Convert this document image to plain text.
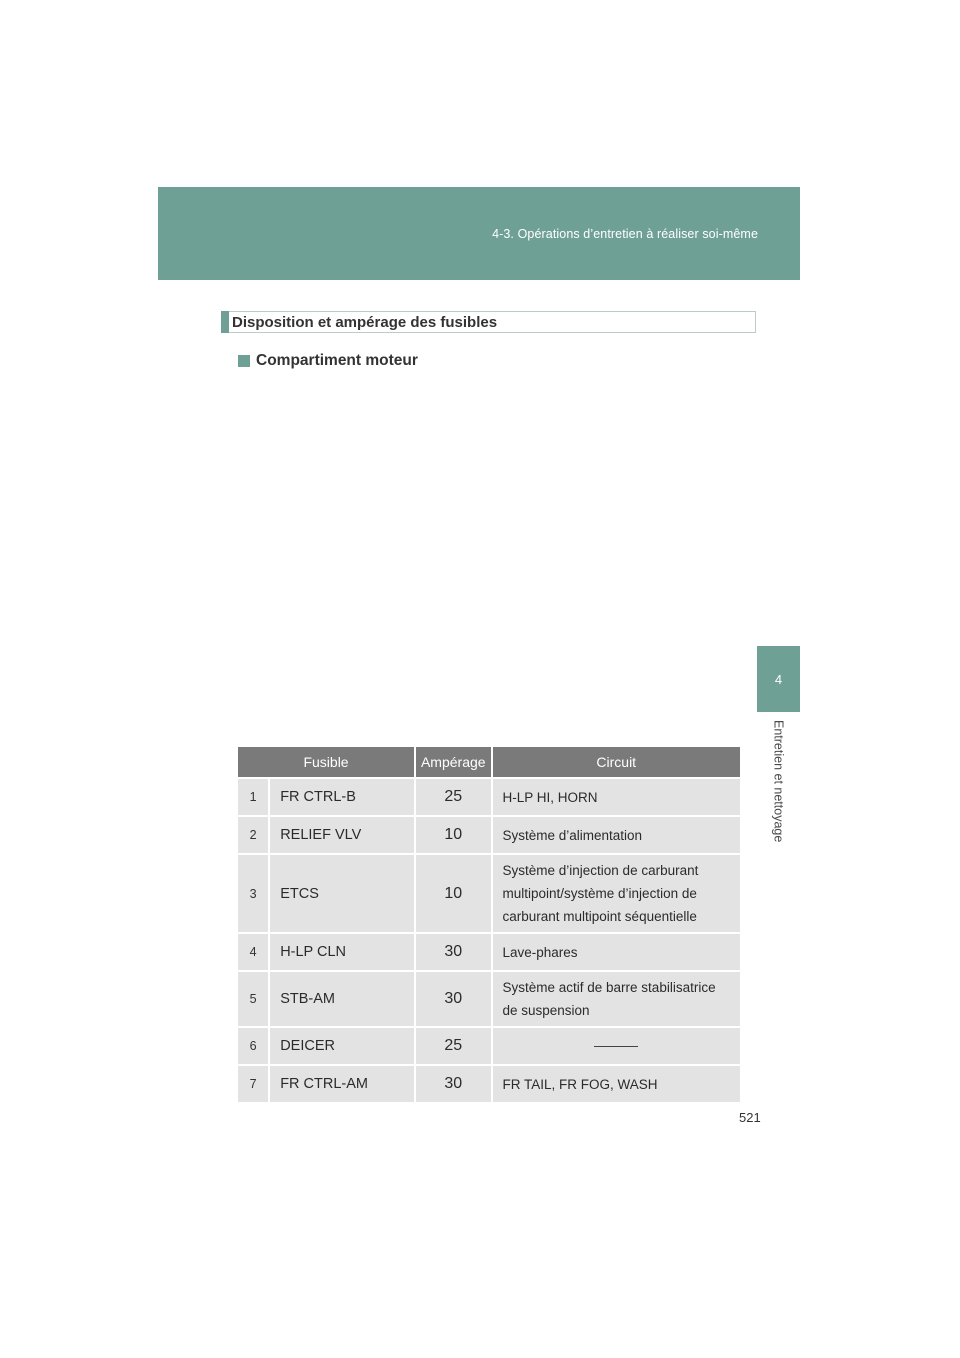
4-3. Opérations d’entretien à réaliser soi-même
4
Entretien et nettoyage
Disposition et ampérage des fusibles
Compartiment moteur
Fusible		Ampérage	Circuit
1	FR CTRL-B	25	H-LP HI, HORN
2	RELIEF VLV	10	Système d’alimentation
3	ETCS	10	Système d’injection de carburant multipoint/système d’injection de carburant multipoint séquentielle
4	H-LP CLN	30	Lave-phares
5	STB-AM	30	Système actif de barre stabilisatrice de suspension
6	DEICER	25	
7	FR CTRL-AM	30	FR TAIL, FR FOG, WASH
521
